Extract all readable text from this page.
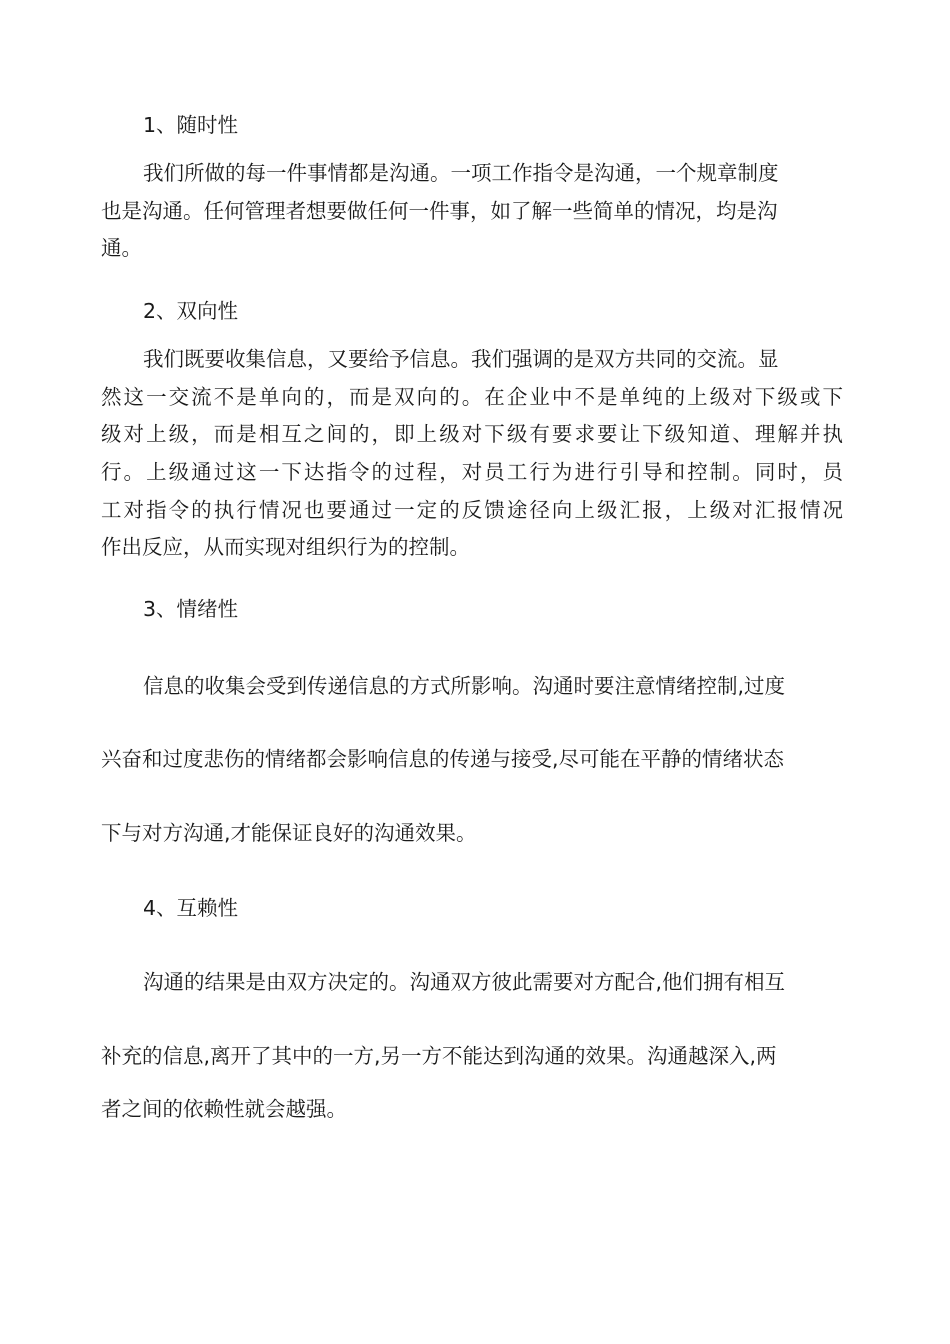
1、随时性
我们所做的每一件事情都是沟通。一项工作指令是沟通，一个规章制度
也是沟通。任何管理者想要做任何一件事，如了解一些简单的情况，均是沟
通。
2、双向性
我们既要收集信息，又要给予信息。我们强调的是双方共同的交流。显
然这一交流不是单向的，而是双向的。在企业中不是单纯的上级对下级或下
级对上级，而是相互之间的，即上级对下级有要求要让下级知道、理解并执
行。上级通过这一下达指令的过程，对员工行为进行引导和控制。同时，员
工对指令的执行情况也要通过一定的反馈途径向上级汇报，上级对汇报情况
作出反应，从而实现对组织行为的控制。
3、情绪性
信息的收集会受到传递信息的方式所影响。沟通时要注意情绪控制,过度
兴奋和过度悲伤的情绪都会影响信息的传递与接受,尽可能在平静的情绪状态
下与对方沟通,才能保证良好的沟通效果。
4、互赖性
沟通的结果是由双方决定的。沟通双方彼此需要对方配合,他们拥有相互
补充的信息,离开了其中的一方,另一方不能达到沟通的效果。沟通越深入,两
者之间的依赖性就会越强。
